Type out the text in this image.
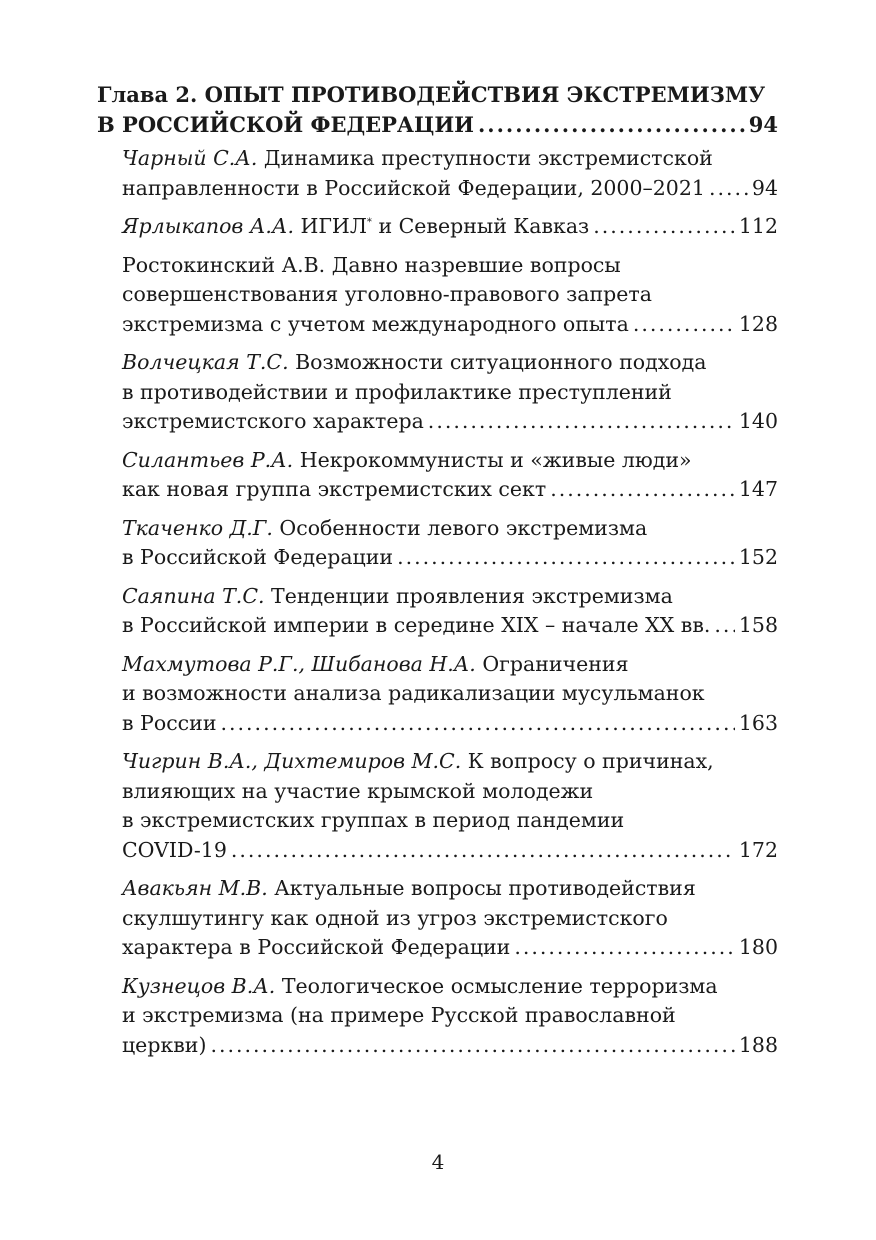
Глава 2. ОПЫТ ПРОТИВОДЕЙСТВИЯ ЭКСТРЕМИЗМУ
В РОССИЙСКОЙ ФЕДЕРАЦИИ .....	94
Чарный С.А. Динамика преступности экстремистской
направленности в Российской Федерации, 2000–2021 ..... 94
Ярлыкапов А.А. ИГИЛ* и Северный Кавказ .....	112
Ростокинский А.В. Давно назревшие вопросы
совершенствования уголовно-правового запрета
экстремизма с учетом международного опыта .....	128
Волчецкая Т.С. Возможности ситуационного подхода
в противодействии и профилактике преступлений
экстремистского характера .....	140
Силантьев Р.А. Некрокоммунисты и «живые люди»
как новая группа экстремистских сект .....	147
Ткаченко Д.Г. Особенности левого экстремизма
в Российской Федерации .....	152
Саяпина Т.С. Тенденции проявления экстремизма
в Российской империи в середине XIX – начале XX вв. ..... 158
Махмутова Р.Г., Шибанова Н.А. Ограничения
и возможности анализа радикализации мусульманок
в России .....	163
Чигрин В.А., Дихтемиров М.С. К вопросу о причинах,
влияющих на участие крымской молодежи
в экстремистских группах в период пандемии
COVID-19 .....	172
Авакьян М.В. Актуальные вопросы противодействия
скулшутингу как одной из угроз экстремистского
характера в Российской Федерации .....	180
Кузнецов В.А. Теологическое осмысление терроризма
и экстремизма (на примере Русской православной
церкви) .....	188
4
